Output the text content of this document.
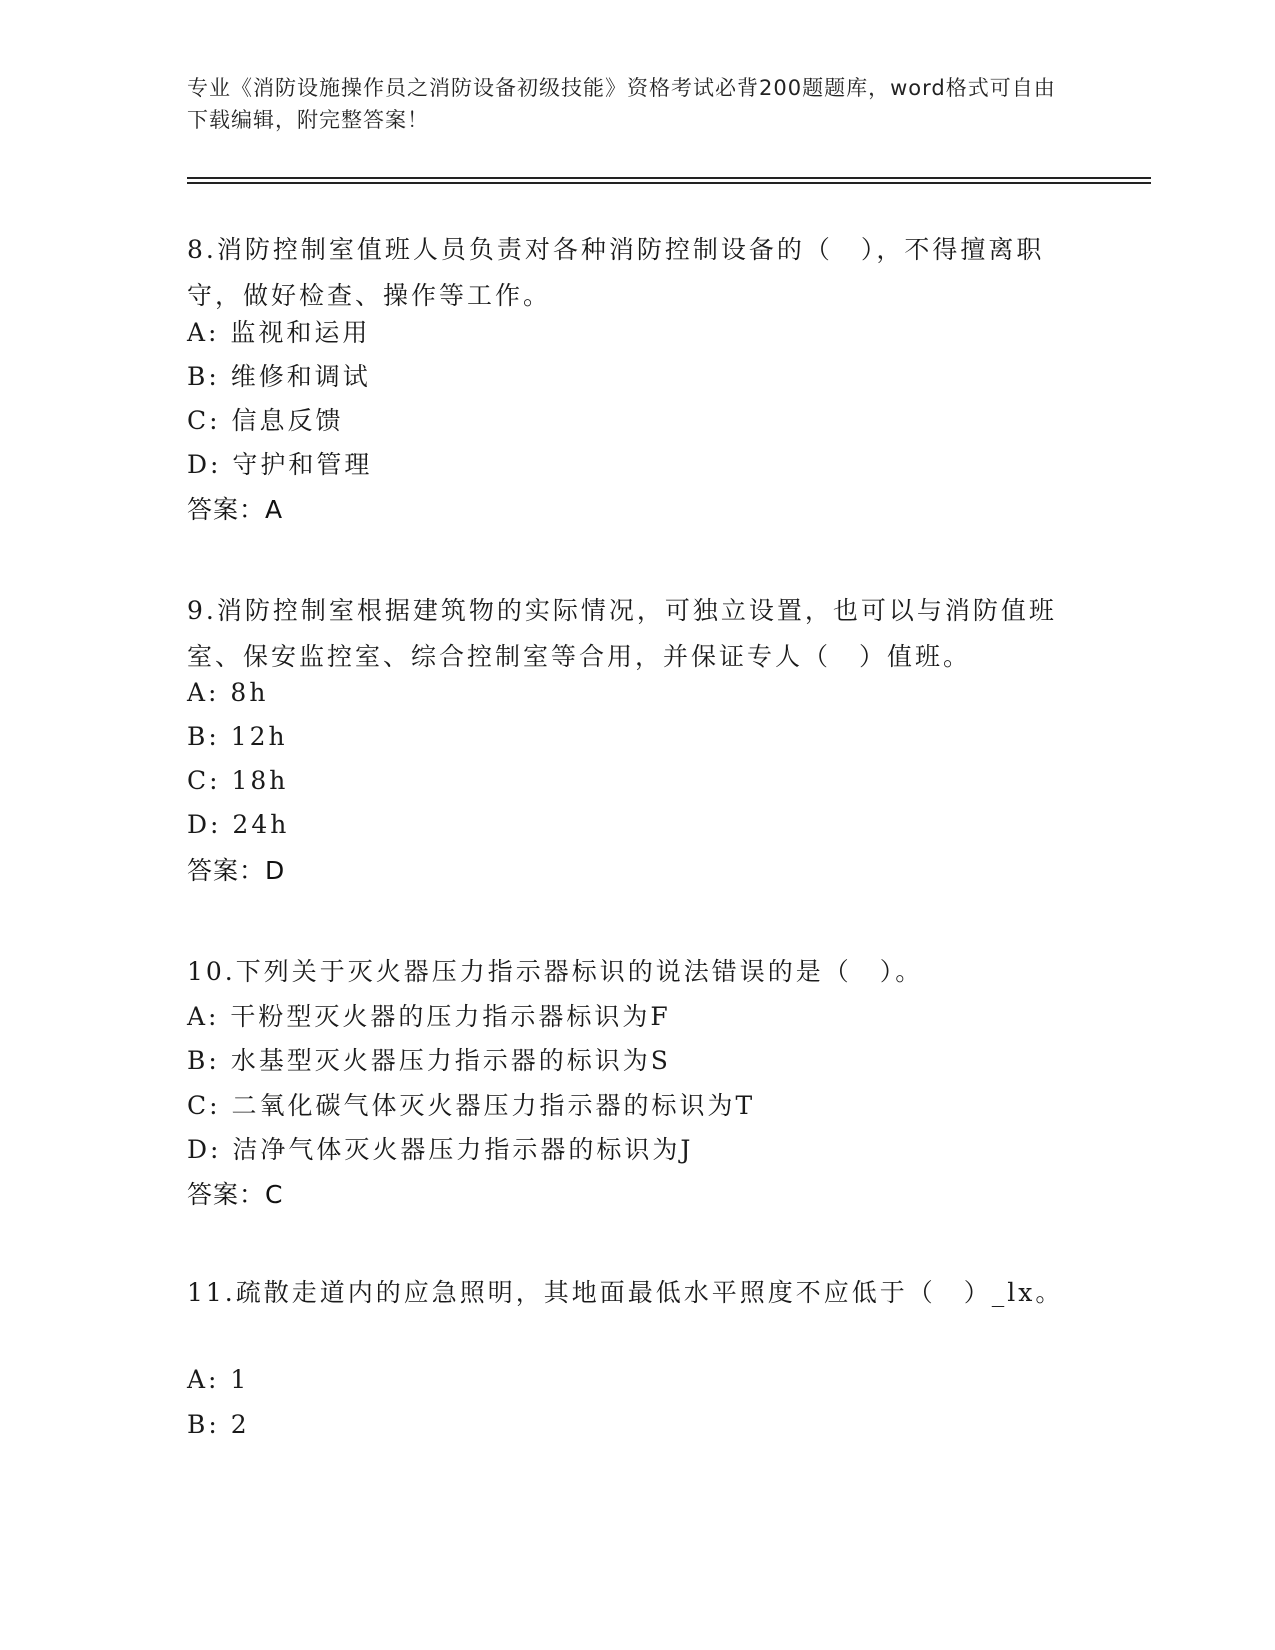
专业《消防设施操作员之消防设备初级技能》资格考试必背200题题库，word格式可自由下载编辑，附完整答案！
8.消防控制室值班人员负责对各种消防控制设备的（　），不得擅离职守，做好检查、操作等工作。
A: 监视和运用
B: 维修和调试
C: 信息反馈
D: 守护和管理
答案：A
9.消防控制室根据建筑物的实际情况，可独立设置，也可以与消防值班室、保安监控室、综合控制室等合用，并保证专人（　）值班。
A: 8h
B: 12h
C: 18h
D: 24h
答案：D
10.下列关于灭火器压力指示器标识的说法错误的是（　）。
A: 干粉型灭火器的压力指示器标识为F
B: 水基型灭火器压力指示器的标识为S
C: 二氧化碳气体灭火器压力指示器的标识为T
D: 洁净气体灭火器压力指示器的标识为J
答案：C
11.疏散走道内的应急照明，其地面最低水平照度不应低于（　）_lx。
A: 1
B: 2
